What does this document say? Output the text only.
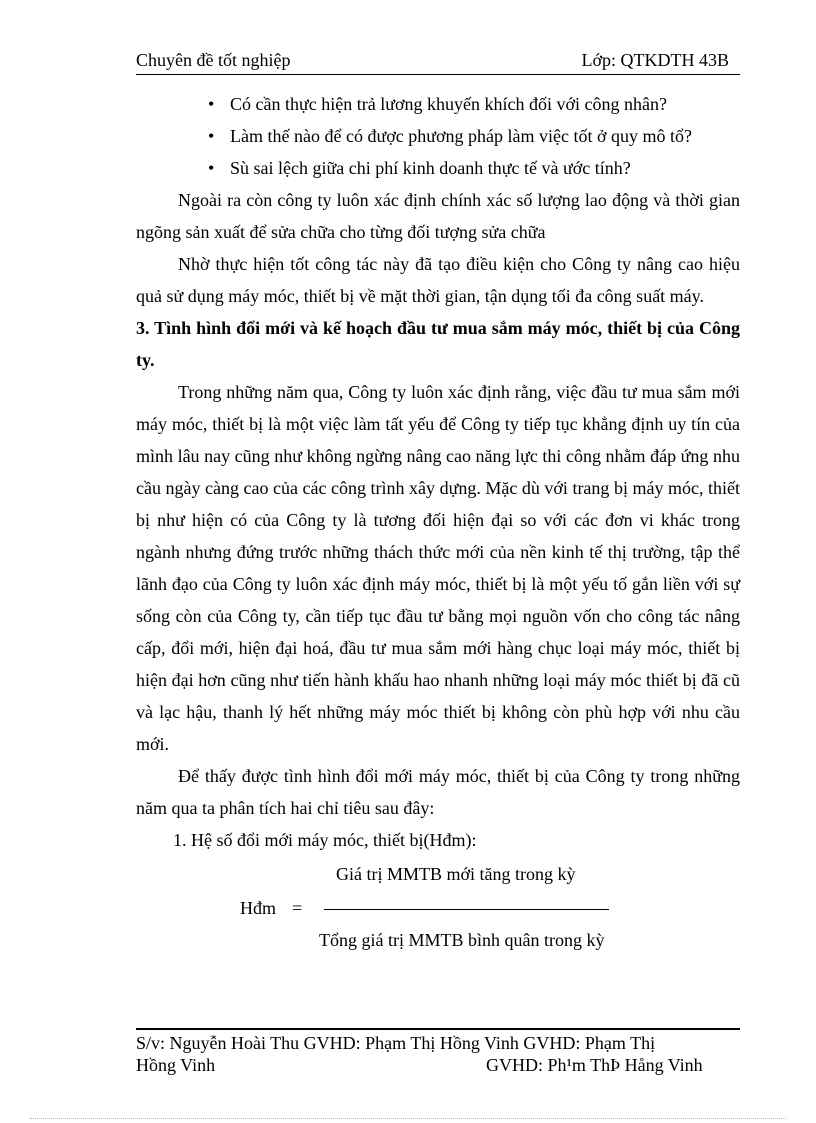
Chuyên đề tốt nghiệp	Lớp: QTKDTH 43B
• Có cần thực hiện trả lương khuyến khích đối với công nhân?
• Làm thế nào để có được phương pháp làm việc tốt ở quy mô tổ?
• Sù sai lệch giữa chi phí kinh doanh thực tế và ước tính?

Ngoài ra còn công ty luôn xác định chính xác số lượng lao động và thời gian ngõng sản xuất để sửa chữa cho từng đối tượng sửa chữa

Nhờ thực hiện tốt công tác này đã tạo điều kiện cho Công ty nâng cao hiệu quả sử dụng máy móc, thiết bị về mặt thời gian, tận dụng tối đa công suất máy.

3. Tình hình đổi mới và kế hoạch đầu tư mua sắm máy móc, thiết bị của Công ty.

Trong những năm qua, Công ty luôn xác định rằng, việc đầu tư mua sắm mới máy móc, thiết bị là một việc làm tất yếu để Công ty tiếp tục khẳng định uy tín của mình lâu nay cũng như không ngừng nâng cao năng lực thi công nhằm đáp ứng nhu cầu ngày càng cao của các công trình xây dựng. Mặc dù với trang bị máy móc, thiết bị như hiện có của Công ty là tương đối hiện đại so với các đơn vi khác trong ngành nhưng đứng trước những thách thức mới của nền kinh tế thị trường, tập thể lãnh đạo của Công ty luôn xác định máy móc, thiết bị là một yếu tố gắn liền với sự sống còn của Công ty, cần tiếp tục đầu tư bằng mọi nguồn vốn cho công tác nâng cấp, đổi mới, hiện đại hoá, đầu tư mua sắm mới hàng chục loại máy móc, thiết bị hiện đại hơn cũng như tiến hành khấu hao nhanh những loại máy móc thiết bị đã cũ và lạc hậu, thanh lý hết những máy móc thiết bị không còn phù hợp với nhu cầu mới.

Để thấy được tình hình đổi mới máy móc, thiết bị của Công ty trong những năm qua ta phân tích hai chỉ tiêu sau đây:

1. Hệ số đổi mới máy móc, thiết bị(Hđm):

Giá trị MMTB mới tăng trong kỳ
Hđm =
Tổng giá trị MMTB bình quân trong kỳ
S/v: Nguyễn Hoài Thu GVHD: Phạm Thị Hồng Vinh GVHD: Phạm Thị
Hồng Vinh	GVHD: Ph¹m ThÞ Hång Vinh
